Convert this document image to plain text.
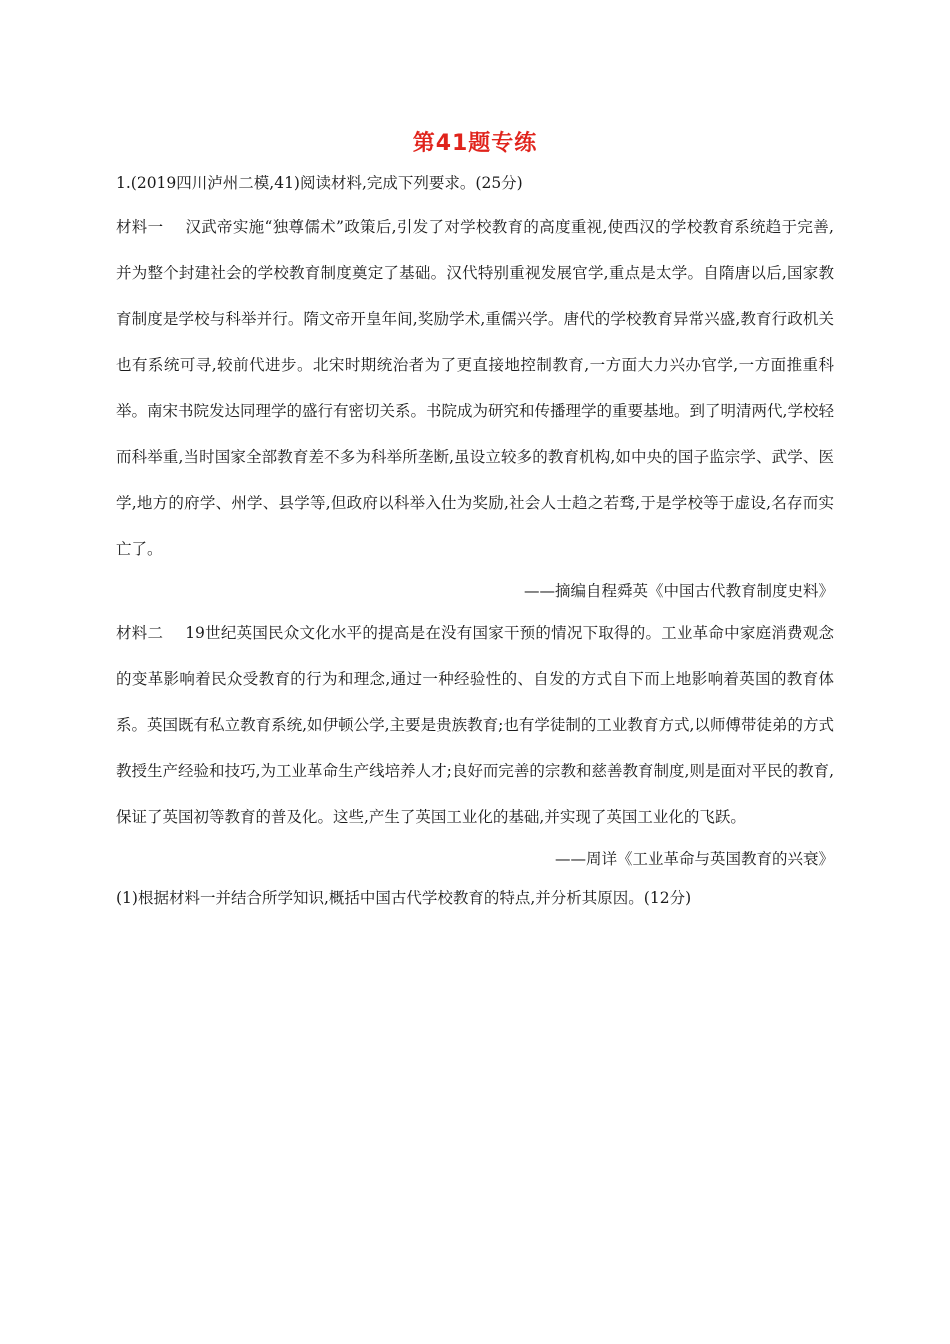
第41题专练

1.(2019四川泸州二模,41)阅读材料,完成下列要求。(25分)

材料一 汉武帝实施“独尊儒术”政策后,引发了对学校教育的高度重视,使西汉的学校教育系统趋于完善,并为整个封建社会的学校教育制度奠定了基础。汉代特别重视发展官学,重点是太学。自隋唐以后,国家教育制度是学校与科举并行。隋文帝开皇年间,奖励学术,重儒兴学。唐代的学校教育异常兴盛,教育行政机关也有系统可寻,较前代进步。北宋时期统治者为了更直接地控制教育,一方面大力兴办官学,一方面推重科举。南宋书院发达同理学的盛行有密切关系。书院成为研究和传播理学的重要基地。到了明清两代,学校轻而科举重,当时国家全部教育差不多为科举所垄断,虽设立较多的教育机构,如中央的国子监宗学、武学、医学,地方的府学、州学、县学等,但政府以科举入仕为奖励,社会人士趋之若骛,于是学校等于虚设,名存而实亡了。

——摘编自程舜英《中国古代教育制度史料》

材料二 19世纪英国民众文化水平的提高是在没有国家干预的情况下取得的。工业革命中家庭消费观念的变革影响着民众受教育的行为和理念,通过一种经验性的、自发的方式自下而上地影响着英国的教育体系。英国既有私立教育系统,如伊顿公学,主要是贵族教育;也有学徒制的工业教育方式,以师傅带徒弟的方式教授生产经验和技巧,为工业革命生产线培养人才;良好而完善的宗教和慈善教育制度,则是面对平民的教育,保证了英国初等教育的普及化。这些,产生了英国工业化的基础,并实现了英国工业化的飞跃。

——周详《工业革命与英国教育的兴衰》

(1)根据材料一并结合所学知识,概括中国古代学校教育的特点,并分析其原因。(12分)
